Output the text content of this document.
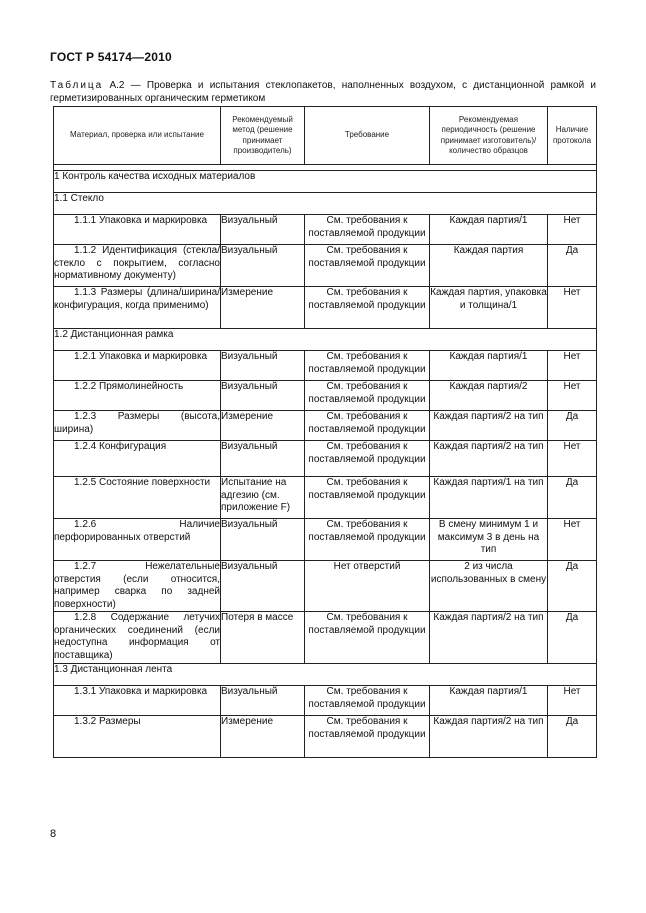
ГОСТ Р 54174—2010
Таблица А.2 — Проверка и испытания стеклопакетов, наполненных воздухом, с дистанционной рамкой и герметизированных органическим герметиком
Материал, проверка или испытание	Рекомендуемый метод (решение принимает производитель)	Требование	Рекомендуемая периодичность (решение принимает изготовитель)/количество образцов	Наличие протокола

1 Контроль качества исходных материалов				
1.1 Стекло				
1.1.1 Упаковка и маркировка	Визуальный	См. требования к поставляемой продукции	Каждая партия/1	Нет
1.1.2 Идентификация (стекла/стекло с покрытием, согласно нормативному документу)	Визуальный	См. требования к поставляемой продукции	Каждая партия	Да
1.1.3 Размеры (длина/ширина/конфигурация, когда применимо)	Измерение	См. требования к поставляемой продукции	Каждая партия, упаковка и толщина/1	Нет
1.2 Дистанционная рамка				
1.2.1 Упаковка и маркировка	Визуальный	См. требования к поставляемой продукции	Каждая партия/1	Нет
1.2.2 Прямолинейность	Визуальный	См. требования к поставляемой продукции	Каждая партия/2	Нет
1.2.3 Размеры (высота, ширина)	Измерение	См. требования к поставляемой продукции	Каждая партия/2 на тип	Да
1.2.4 Конфигурация	Визуальный	См. требования к поставляемой продукции	Каждая партия/2 на тип	Нет
1.2.5 Состояние поверхности	Испытание на адгезию (см. приложение F)	См. требования к поставляемой продукции	Каждая партия/1 на тип	Да
1.2.6 Наличие перфорированных отверстий	Визуальный	См. требования к поставляемой продукции	В смену минимум 1 и максимум 3 в день на тип	Нет
1.2.7 Нежелательные отверстия (если относится, например сварка по задней поверхности)	Визуальный	Нет отверстий	2 из числа использованных в смену	Да
1.2.8 Содержание летучих органических соединений (если недоступна информация от поставщика)	Потеря в массе	См. требования к поставляемой продукции	Каждая партия/2 на тип	Да
1.3 Дистанционная лента				
1.3.1 Упаковка и маркировка	Визуальный	См. требования к поставляемой продукции	Каждая партия/1	Нет
1.3.2 Размеры	Измерение	См. требования к поставляемой продукции	Каждая партия/2 на тип	Да
8
